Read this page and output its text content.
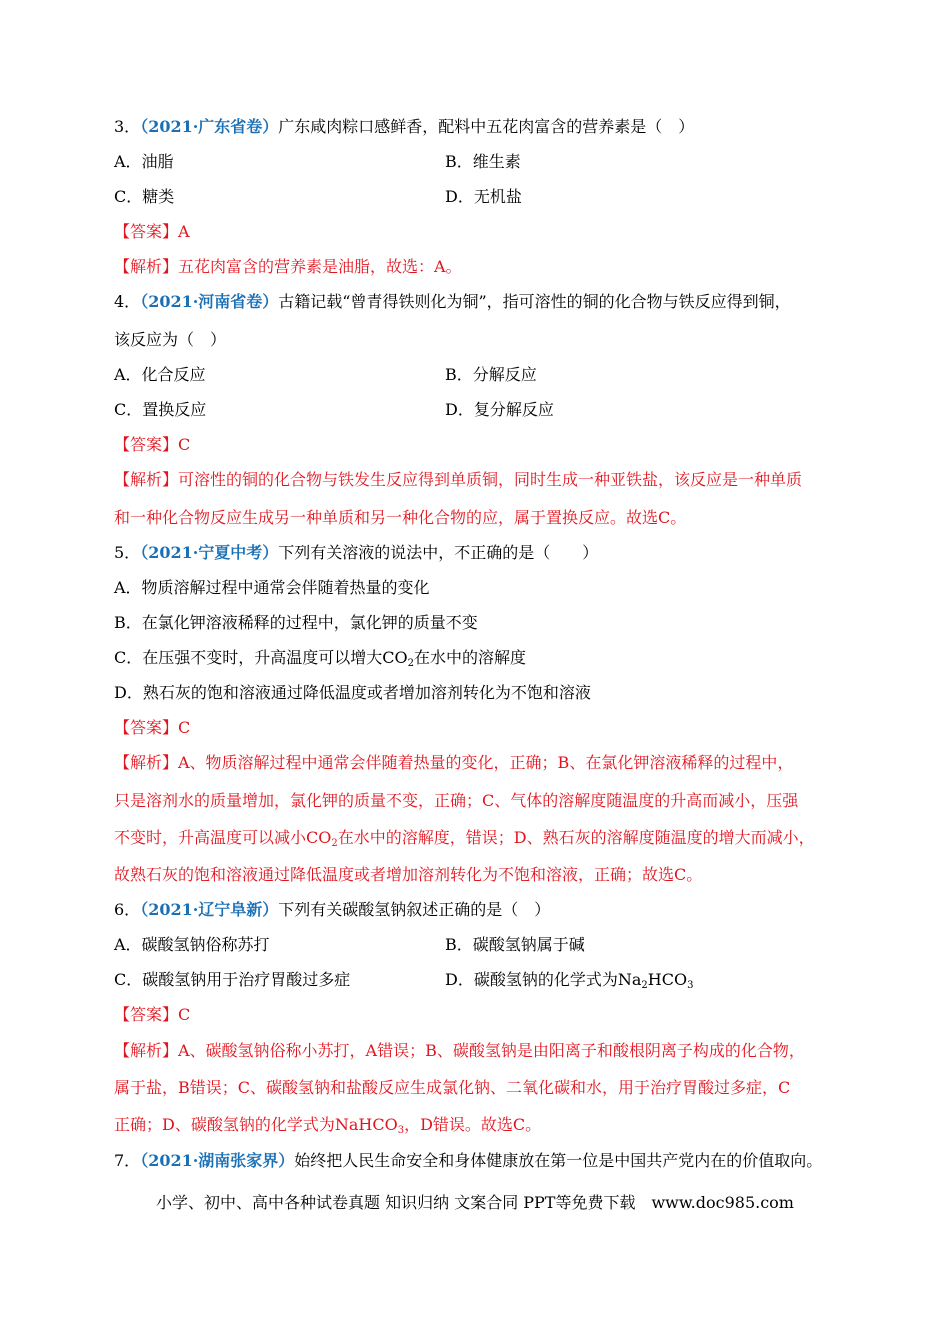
3．（2021·广东省卷）广东咸肉粽口感鲜香，配料中五花肉富含的营养素是（　）
A．油脂	B．维生素
C．糖类	D．无机盐
【答案】A
【解析】五花肉富含的营养素是油脂，故选：A。
4．（2021·河南省卷）古籍记载“曾青得铁则化为铜”，指可溶性的铜的化合物与铁反应得到铜，
该反应为（　）
A．化合反应	B．分解反应
C．置换反应	D．复分解反应
【答案】C
【解析】可溶性的铜的化合物与铁发生反应得到单质铜，同时生成一种亚铁盐，该反应是一种单质
和一种化合物反应生成另一种单质和另一种化合物的应，属于置换反应。故选C。
5．（2021·宁夏中考）下列有关溶液的说法中，不正确的是（　　）
A．物质溶解过程中通常会伴随着热量的变化
B．在氯化钾溶液稀释的过程中，氯化钾的质量不变
C．在压强不变时，升高温度可以增大$CO_2$在水中的溶解度
D．熟石灰的饱和溶液通过降低温度或者增加溶剂转化为不饱和溶液
【答案】C
【解析】A、物质溶解过程中通常会伴随着热量的变化，正确；B、在氯化钾溶液稀释的过程中，
只是溶剂水的质量增加，氯化钾的质量不变，正确；C、气体的溶解度随温度的升高而减小，压强
不变时，升高温度可以减小$CO_2$在水中的溶解度，错误；D、熟石灰的溶解度随温度的增大而减小，
故熟石灰的饱和溶液通过降低温度或者增加溶剂转化为不饱和溶液，正确；故选C。
6．（2021·辽宁阜新）下列有关碳酸氢钠叙述正确的是（　）
A．碳酸氢钠俗称苏打	B．碳酸氢钠属于碱
C．碳酸氢钠用于治疗胃酸过多症	D．碳酸氢钠的化学式为$Na_2HCO_3$
【答案】C
【解析】A、碳酸氢钠俗称小苏打，A错误；B、碳酸氢钠是由阳离子和酸根阴离子构成的化合物，
属于盐，B错误；C、碳酸氢钠和盐酸反应生成氯化钠、二氧化碳和水，用于治疗胃酸过多症，C
正确；D、碳酸氢钠的化学式为NaHCO$_3$，D错误。故选C。
7．（2021·湖南张家界）始终把人民生命安全和身体健康放在第一位是中国共产党内在的价值取向。
小学、初中、高中各种试卷真题 知识归纳 文案合同 PPT等免费下载　www.doc985.com
